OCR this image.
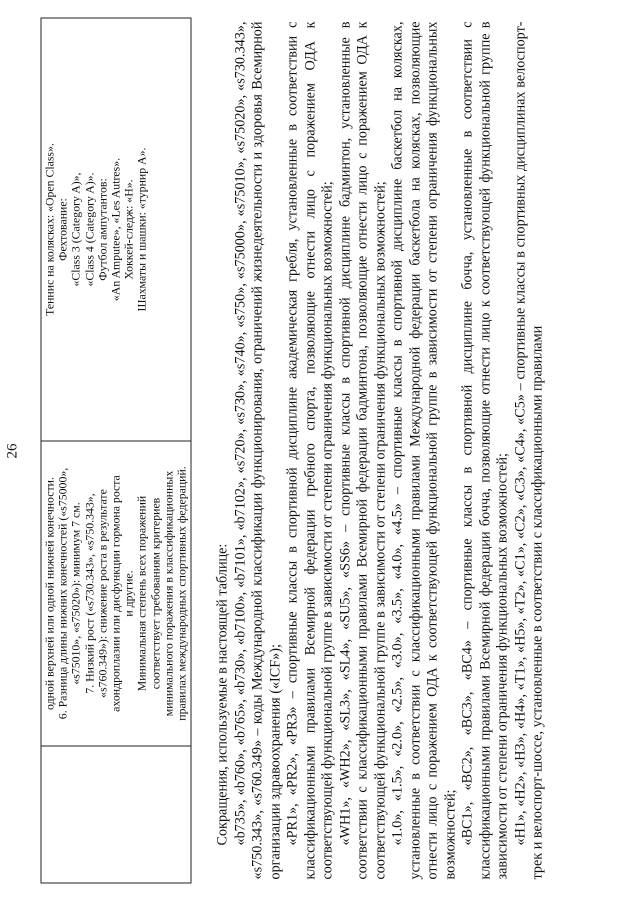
26

одной верхней или одной нижней конечности. 6. Разница длины нижних конечностей («s75000», «s75010», «s75020»): минимум 7 см. 7. Низкий рост («s730.343», «s750.343», «s760.349»): снижение роста в результате ахондроплазии или дисфункции гормона роста и другие. Минимальная степень всех поражений соответствует требованиям критериев минимального поражения в классификационных правилах международных спортивных федераций.

Теннис на колясках: «Open Class». Фехтование: «Class 3 (Category A)», «Class 4 (Category A)». Футбол ампутантов: «An Amputee», «Les Autres». Хоккей-следж: «H». Шахматы и шашки: «турнир А».

Сокращения, используемые в настоящей таблице: «b735», «b760», «b765», «b730», «b7100», «b7101», «b7102», «s720», «s730», «s740», «s750», «s75000», «s75010», «s75020», «s730.343», «s750.343», «s760.349» – коды Международной классификации функционирования, ограничений жизнедеятельности и здоровья Всемирной организации здравоохранения («ICF»); «PR1», «PR2», «PR3» – спортивные классы в спортивной дисциплине академическая гребля, установленные в соответствии с классификационными правилами Всемирной федерации гребного спорта, позволяющие отнести лицо с поражением ОДА к соответствующей функциональной группе в зависимости от степени ограничения функциональных возможностей; «WH1», «WH2», «SL3», «SL4», «SU5», «SS6» – спортивные классы в спортивной дисциплине бадминтон, установленные в соответствии с классификационными правилами Всемирной федерации бадминтона, позволяющие отнести лицо с поражением ОДА к соответствующей функциональной группе в зависимости от степени ограничения функциональных возможностей; «1.0», «1.5», «2.0», «2.5», «3.0», «3.5», «4.0», «4.5» – спортивные классы в спортивной дисциплине баскетбол на колясках, установленные в соответствии с классификационными правилами Международной федерации баскетбола на колясках, позволяющие отнести лицо с поражением ОДА к соответствующей функциональной группе в зависимости от степени ограничения функциональных возможностей; «BC1», «BC2», «BC3», «BC4» – спортивные классы в спортивной дисциплине бочча, установленные в соответствии с классификационными правилами Всемирной федерации бочча, позволяющие отнести лицо к соответствующей функциональной группе в зависимости от степени ограничения функциональных возможностей; «H1», «H2», «H3», «H4», «T1», «H5», «T2», «C1», «C2», «C3», «C4», «C5» – спортивные классы в спортивных дисциплинах велоспорт-трек и велоспорт-шоссе, установленные в соответствии с классификационными правилами
